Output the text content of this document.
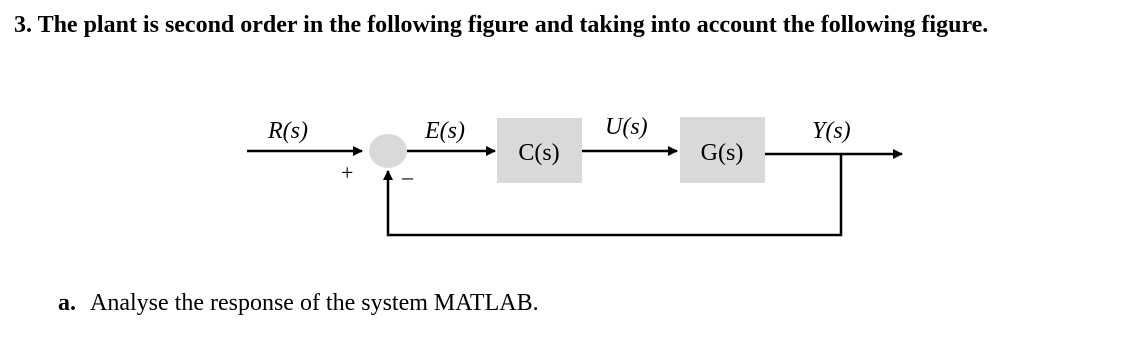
3. The plant is second order in the following figure and taking into account the following figure.
R(s)
+ –
E(s)
C(s)
U(s)
G(s)
Y(s)
a. Analyse the response of the system MATLAB.
